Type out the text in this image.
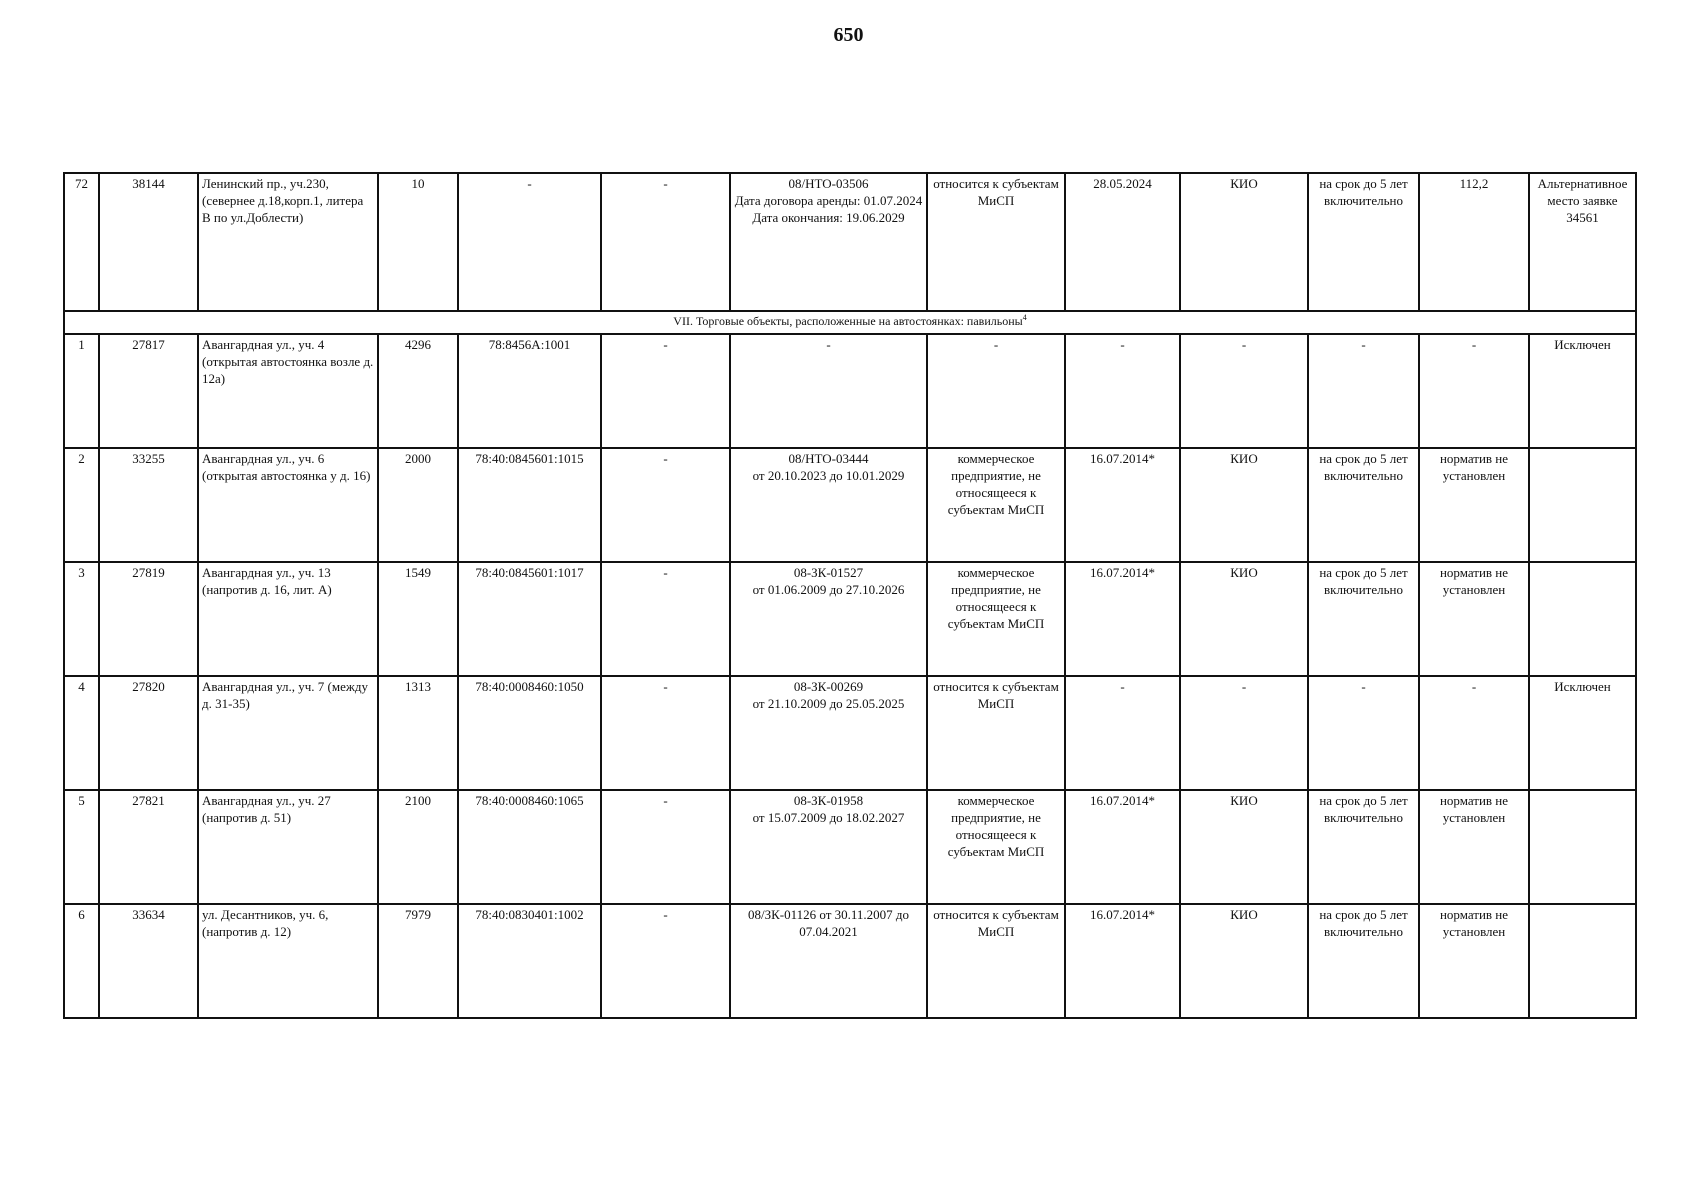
650
72	38144	Ленинский пр., уч.230, (севернее д.18,корп.1, литера В по ул.Доблести)	10	-	-	08/НТО-03506
Дата договора аренды: 01.07.2024
Дата окончания: 19.06.2029	относится к субъектам МиСП	28.05.2024	КИО	на срок до 5 лет включительно	112,2	Альтернативное место заявке 34561
VII. Торговые объекты, расположенные на автостоянках: павильоны$^4$
1	27817	Авангардная ул., уч. 4 (открытая автостоянка возле д. 12а)	4296	78:8456А:1001	-	-	-	-	-	-	-	Исключен
2	33255	Авангардная ул., уч. 6 (открытая автостоянка у д. 16)	2000	78:40:0845601:1015	-	08/НТО-03444
от 20.10.2023 до 10.01.2029	коммерческое предприятие, не относящееся к субъектам МиСП	16.07.2014*	КИО	на срок до 5 лет включительно	норматив не установлен	
3	27819	Авангардная ул., уч. 13 (напротив д. 16, лит. А)	1549	78:40:0845601:1017	-	08-ЗК-01527
от 01.06.2009 до 27.10.2026	коммерческое предприятие, не относящееся к субъектам МиСП	16.07.2014*	КИО	на срок до 5 лет включительно	норматив не установлен	
4	27820	Авангардная ул., уч. 7 (между д. 31-35)	1313	78:40:0008460:1050	-	08-ЗК-00269
от 21.10.2009 до 25.05.2025	относится к субъектам МиСП	-	-	-	-	Исключен
5	27821	Авангардная ул., уч. 27 (напротив д. 51)	2100	78:40:0008460:1065	-	08-ЗК-01958
от 15.07.2009 до 18.02.2027	коммерческое предприятие, не относящееся к субъектам МиСП	16.07.2014*	КИО	на срок до 5 лет включительно	норматив не установлен	
6	33634	ул. Десантников, уч. 6, (напротив д. 12)	7979	78:40:0830401:1002	-	08/ЗК-01126 от 30.11.2007 до 07.04.2021	относится к субъектам МиСП	16.07.2014*	КИО	на срок до 5 лет включительно	норматив не установлен	
